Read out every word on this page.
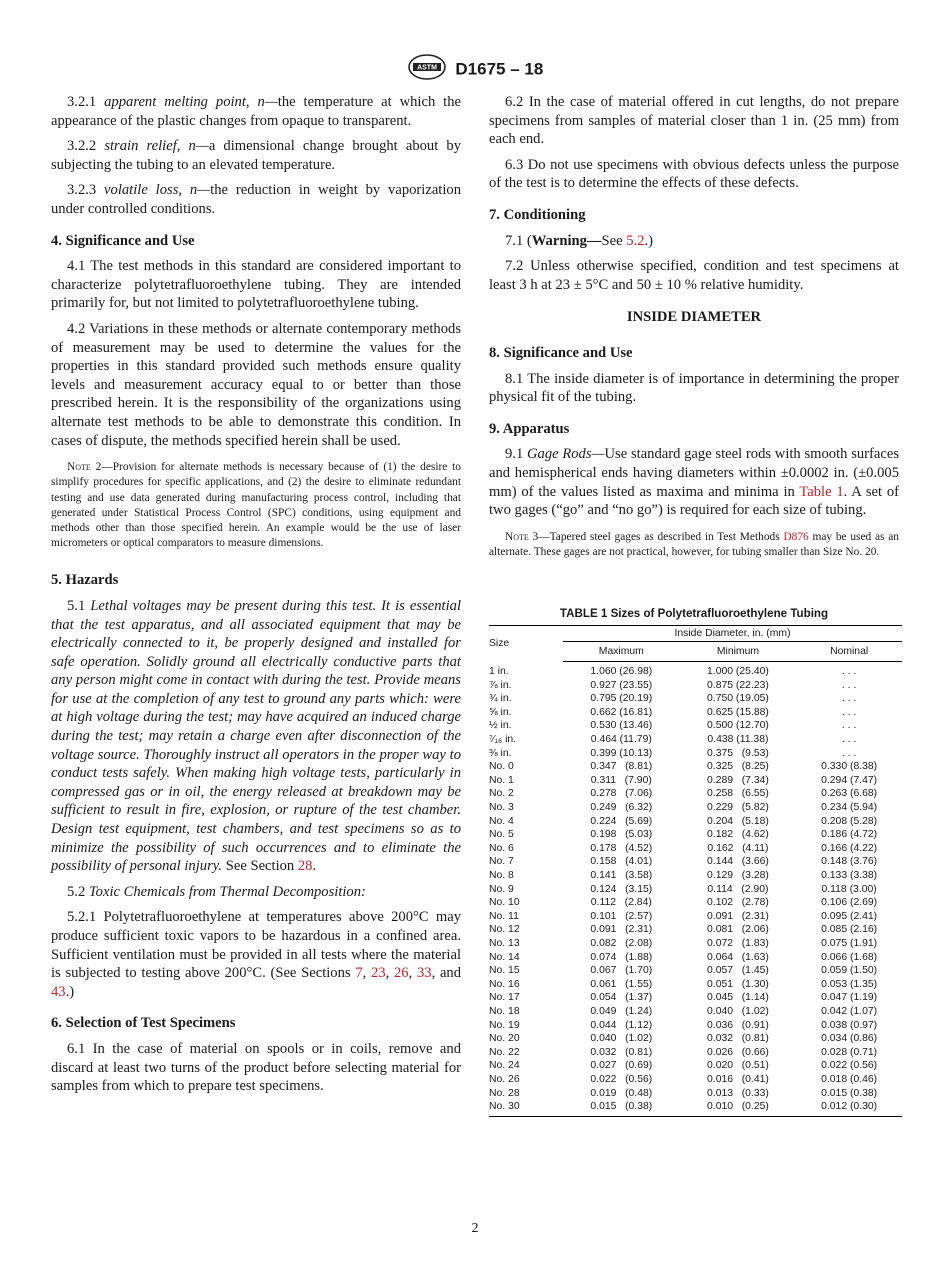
ASTM D1675 – 18

3.2.1 apparent melting point, n—the temperature at which the appearance of the plastic changes from opaque to transparent.

3.2.2 strain relief, n—a dimensional change brought about by subjecting the tubing to an elevated temperature.

3.2.3 volatile loss, n—the reduction in weight by vaporization under controlled conditions.

4. Significance and Use

4.1 The test methods in this standard are considered important to characterize polytetrafluoroethylene tubing. They are intended primarily for, but not limited to polytetrafluoroethylene tubing.

4.2 Variations in these methods or alternate contemporary methods of measurement may be used to determine the values for the properties in this standard provided such methods ensure quality levels and measurement accuracy equal to or better than those prescribed herein. It is the responsibility of the organizations using alternate test methods to be able to demonstrate this condition. In cases of dispute, the methods specified herein shall be used.

Note 2—Provision for alternate methods is necessary because of (1) the desire to simplify procedures for specific applications, and (2) the desire to eliminate redundant testing and use data generated during manufacturing process control, including that generated under Statistical Process Control (SPC) conditions, using equipment and methods other than those specified herein. An example would be the use of laser micrometers or optical comparators to measure dimensions.
5. Hazards

5.1 Lethal voltages may be present during this test. It is essential that the test apparatus, and all associated equipment that may be electrically connected to it, be properly designed and installed for safe operation. Solidly ground all electrically conductive parts that any person might come in contact with during the test. Provide means for use at the completion of any test to ground any parts which: were at high voltage during the test; may have acquired an induced charge during the test; may retain a charge even after disconnection of the voltage source. Thoroughly instruct all operators in the proper way to conduct tests safely. When making high voltage tests, particularly in compressed gas or in oil, the energy released at breakdown may be sufficient to result in fire, explosion, or rupture of the test chamber. Design test equipment, test chambers, and test specimens so as to minimize the possibility of such occurrences and to eliminate the possibility of personal injury. See Section 28.

5.2 Toxic Chemicals from Thermal Decomposition:

5.2.1 Polytetrafluoroethylene at temperatures above 200°C may produce sufficient toxic vapors to be hazardous in a confined area. Sufficient ventilation must be provided in all tests where the material is subjected to testing above 200°C. (See Sections 7, 23, 26, 33, and 43.)

6. Selection of Test Specimens

6.1 In the case of material on spools or in coils, remove and discard at least two turns of the product before selecting material for samples from which to prepare test specimens.

6.2 In the case of material offered in cut lengths, do not prepare specimens from samples of material closer than 1 in. (25 mm) from each end.

6.3 Do not use specimens with obvious defects unless the purpose of the test is to determine the effects of these defects.

7. Conditioning

7.1 (Warning—See 5.2.)

7.2 Unless otherwise specified, condition and test specimens at least 3 h at 23 ± 5°C and 50 ± 10 % relative humidity.

INSIDE DIAMETER
8. Significance and Use

8.1 The inside diameter is of importance in determining the proper physical fit of the tubing.

9. Apparatus

9.1 Gage Rods—Use standard gage steel rods with smooth surfaces and hemispherical ends having diameters within ±0.0002 in. (±0.005 mm) of the values listed as maxima and minima in Table 1. A set of two gages (“go” and “no go”) is required for each size of tubing.

Note 3—Tapered steel gages as described in Test Methods D876 may be used as an alternate. These gages are not practical, however, for tubing smaller than Size No. 20.
TABLE 1 Sizes of Polytetrafluoroethylene Tubing
Size	Inside Diameter, in. (mm)		
	Maximum	Minimum	Nominal
1 in.	1.060 (26.98)	1.000 (25.40)	. . .
⅞ in.	0.927 (23.55)	0.875 (22.23)	. . .
¾ in.	0.795 (20.19)	0.750 (19.05)	. . .
⅝ in.	0.662 (16.81)	0.625 (15.88)	. . .
½ in.	0.530 (13.46)	0.500 (12.70)	. . .
⁷⁄₁₆ in.	0.464 (11.79)	0.438 (11.38)	. . .
⅜ in.	0.399 (10.13)	0.375   (9.53)	. . .
No. 0	0.347   (8.81)	0.325   (8.25)	0.330 (8.38)
No. 1	0.311   (7.90)	0.289   (7.34)	0.294 (7.47)
No. 2	0.278   (7.06)	0.258   (6.55)	0.263 (6.68)
No. 3	0.249   (6.32)	0.229   (5.82)	0.234 (5.94)
No. 4	0.224   (5.69)	0.204   (5.18)	0.208 (5.28)
No. 5	0.198   (5.03)	0.182   (4.62)	0.186 (4.72)
No. 6	0.178   (4.52)	0.162   (4.11)	0.166 (4.22)
No. 7	0.158   (4.01)	0.144   (3.66)	0.148 (3.76)
No. 8	0.141   (3.58)	0.129   (3.28)	0.133 (3.38)
No. 9	0.124   (3.15)	0.114   (2.90)	0.118 (3.00)
No. 10	0.112   (2.84)	0.102   (2.78)	0.106 (2.69)
No. 11	0.101   (2.57)	0.091   (2.31)	0.095 (2.41)
No. 12	0.091   (2.31)	0.081   (2.06)	0.085 (2.16)
No. 13	0.082   (2.08)	0.072   (1.83)	0.075 (1.91)
No. 14	0.074   (1.88)	0.064   (1.63)	0.066 (1.68)
No. 15	0.067   (1.70)	0.057   (1.45)	0.059 (1.50)
No. 16	0.061   (1.55)	0.051   (1.30)	0.053 (1.35)
No. 17	0.054   (1.37)	0.045   (1.14)	0.047 (1.19)
No. 18	0.049   (1.24)	0.040   (1.02)	0.042 (1.07)
No. 19	0.044   (1.12)	0.036   (0.91)	0.038 (0.97)
No. 20	0.040   (1.02)	0.032   (0.81)	0.034 (0.86)
No. 22	0.032   (0.81)	0.026   (0.66)	0.028 (0.71)
No. 24	0.027   (0.69)	0.020   (0.51)	0.022 (0.56)
No. 26	0.022   (0.56)	0.016   (0.41)	0.018 (0.46)
No. 28	0.019   (0.48)	0.013   (0.33)	0.015 (0.38)
No. 30	0.015   (0.38)	0.010   (0.25)	0.012 (0.30)
2
